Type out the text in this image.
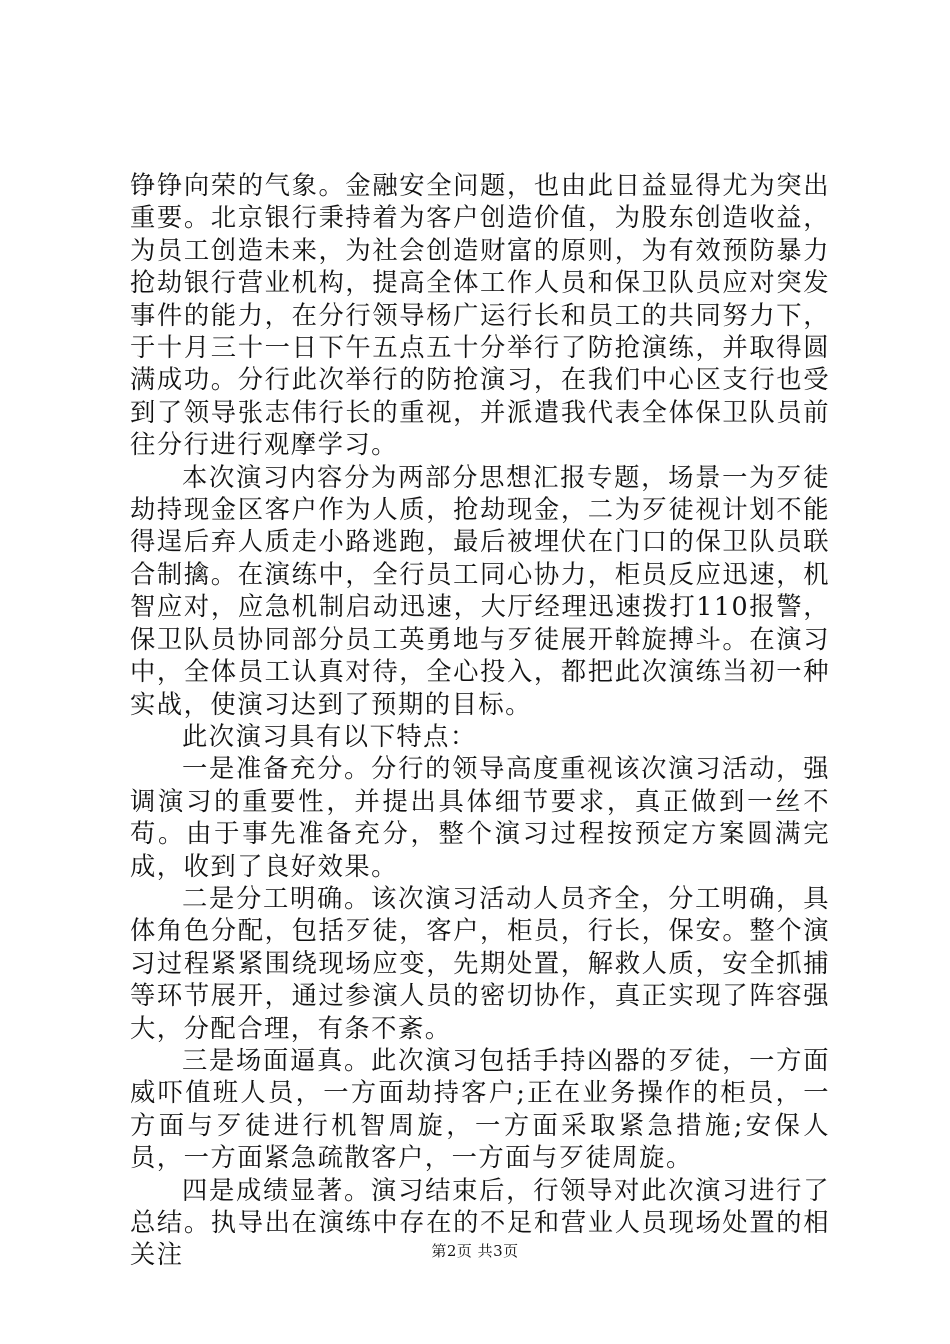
铮铮向荣的气象。金融安全问题，也由此日益显得尤为突出重要。北京银行秉持着为客户创造价值，为股东创造收益，为员工创造未来，为社会创造财富的原则，为有效预防暴力抢劫银行营业机构，提高全体工作人员和保卫队员应对突发事件的能力，在分行领导杨广运行长和员工的共同努力下，于十月三十一日下午五点五十分举行了防抢演练，并取得圆满成功。分行此次举行的防抢演习，在我们中心区支行也受到了领导张志伟行长的重视，并派遣我代表全体保卫队员前往分行进行观摩学习。

本次演习内容分为两部分思想汇报专题，场景一为歹徒劫持现金区客户作为人质，抢劫现金，二为歹徒视计划不能得逞后弃人质走小路逃跑，最后被埋伏在门口的保卫队员联合制擒。在演练中，全行员工同心协力，柜员反应迅速，机智应对，应急机制启动迅速，大厅经理迅速拨打110报警，保卫队员协同部分员工英勇地与歹徒展开斡旋搏斗。在演习中，全体员工认真对待，全心投入，都把此次演练当初一种实战，使演习达到了预期的目标。

此次演习具有以下特点：

一是准备充分。分行的领导高度重视该次演习活动，强调演习的重要性，并提出具体细节要求，真正做到一丝不苟。由于事先准备充分，整个演习过程按预定方案圆满完成，收到了良好效果。

二是分工明确。该次演习活动人员齐全，分工明确，具体角色分配，包括歹徒，客户，柜员，行长，保安。整个演习过程紧紧围绕现场应变，先期处置，解救人质，安全抓捕等环节展开，通过参演人员的密切协作，真正实现了阵容强大，分配合理，有条不紊。

三是场面逼真。此次演习包括手持凶器的歹徒，一方面威吓值班人员，一方面劫持客户;正在业务操作的柜员，一方面与歹徒进行机智周旋，一方面采取紧急措施;安保人员，一方面紧急疏散客户，一方面与歹徒周旋。

四是成绩显著。演习结束后，行领导对此次演习进行了总结。执导出在演练中存在的不足和营业人员现场处置的相关注	第2页 共3页
